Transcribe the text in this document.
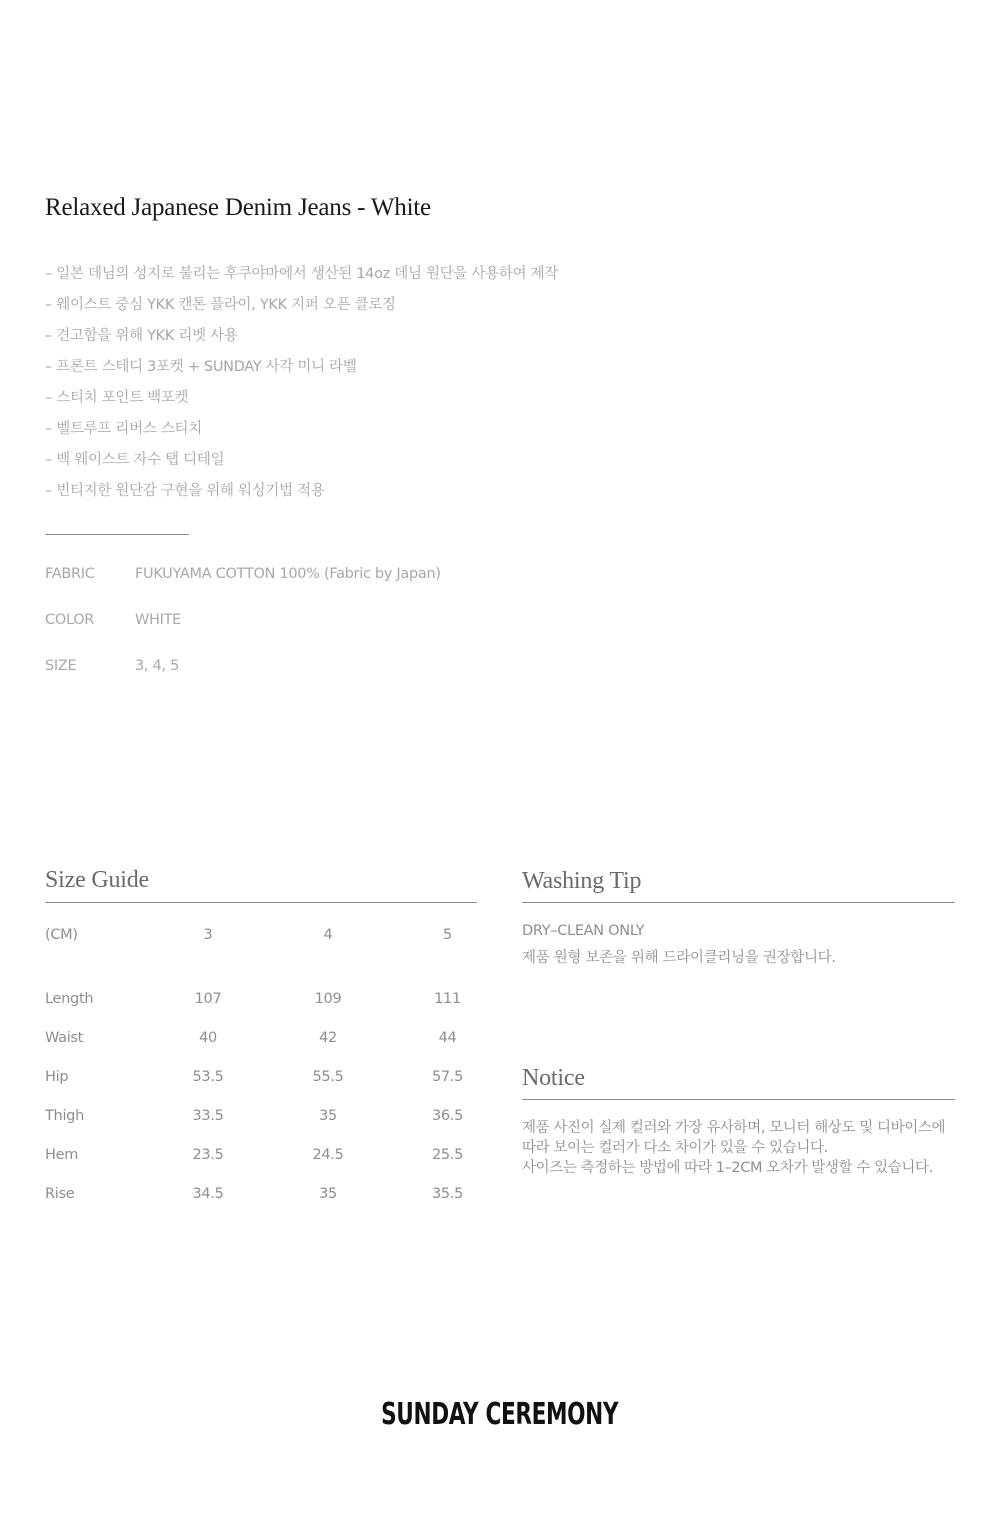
Relaxed Japanese Denim Jeans - White
– 일본 데님의 성지로 불리는 후쿠야마에서 생산된 14oz 데님 원단을 사용하여 제작
– 웨이스트 중심 YKK 캔톤 플라이, YKK 지퍼 오픈 클로징
– 견고함을 위해 YKK 리벳 사용
– 프론트 스테디 3포켓 + SUNDAY 사각 미니 라벨
– 스티치 포인트 백포켓
– 벨트루프 리버스 스티치
– 백 웨이스트 자수 탭 디테일
– 빈티지한 원단감 구현을 위해 워싱기법 적용
FABRIC	FUKUYAMA COTTON 100% (Fabric by Japan)
COLOR	WHITE
SIZE	3, 4, 5
Size Guide
(CM)	3	4	5
Length	107	109	111
Waist	40	42	44
Hip	53.5	55.5	57.5
Thigh	33.5	35	36.5
Hem	23.5	24.5	25.5
Rise	34.5	35	35.5
Washing Tip
DRY–CLEAN ONLY
제품 원형 보존을 위해 드라이클리닝을 권장합니다.
Notice
제품 사진이 실제 컬러와 가장 유사하며, 모니터 해상도 및 디바이스에
따라 보이는 컬러가 다소 차이가 있을 수 있습니다.
사이즈는 측정하는 방법에 따라 1–2CM 오차가 발생할 수 있습니다.
SUNDAY CEREMONY
